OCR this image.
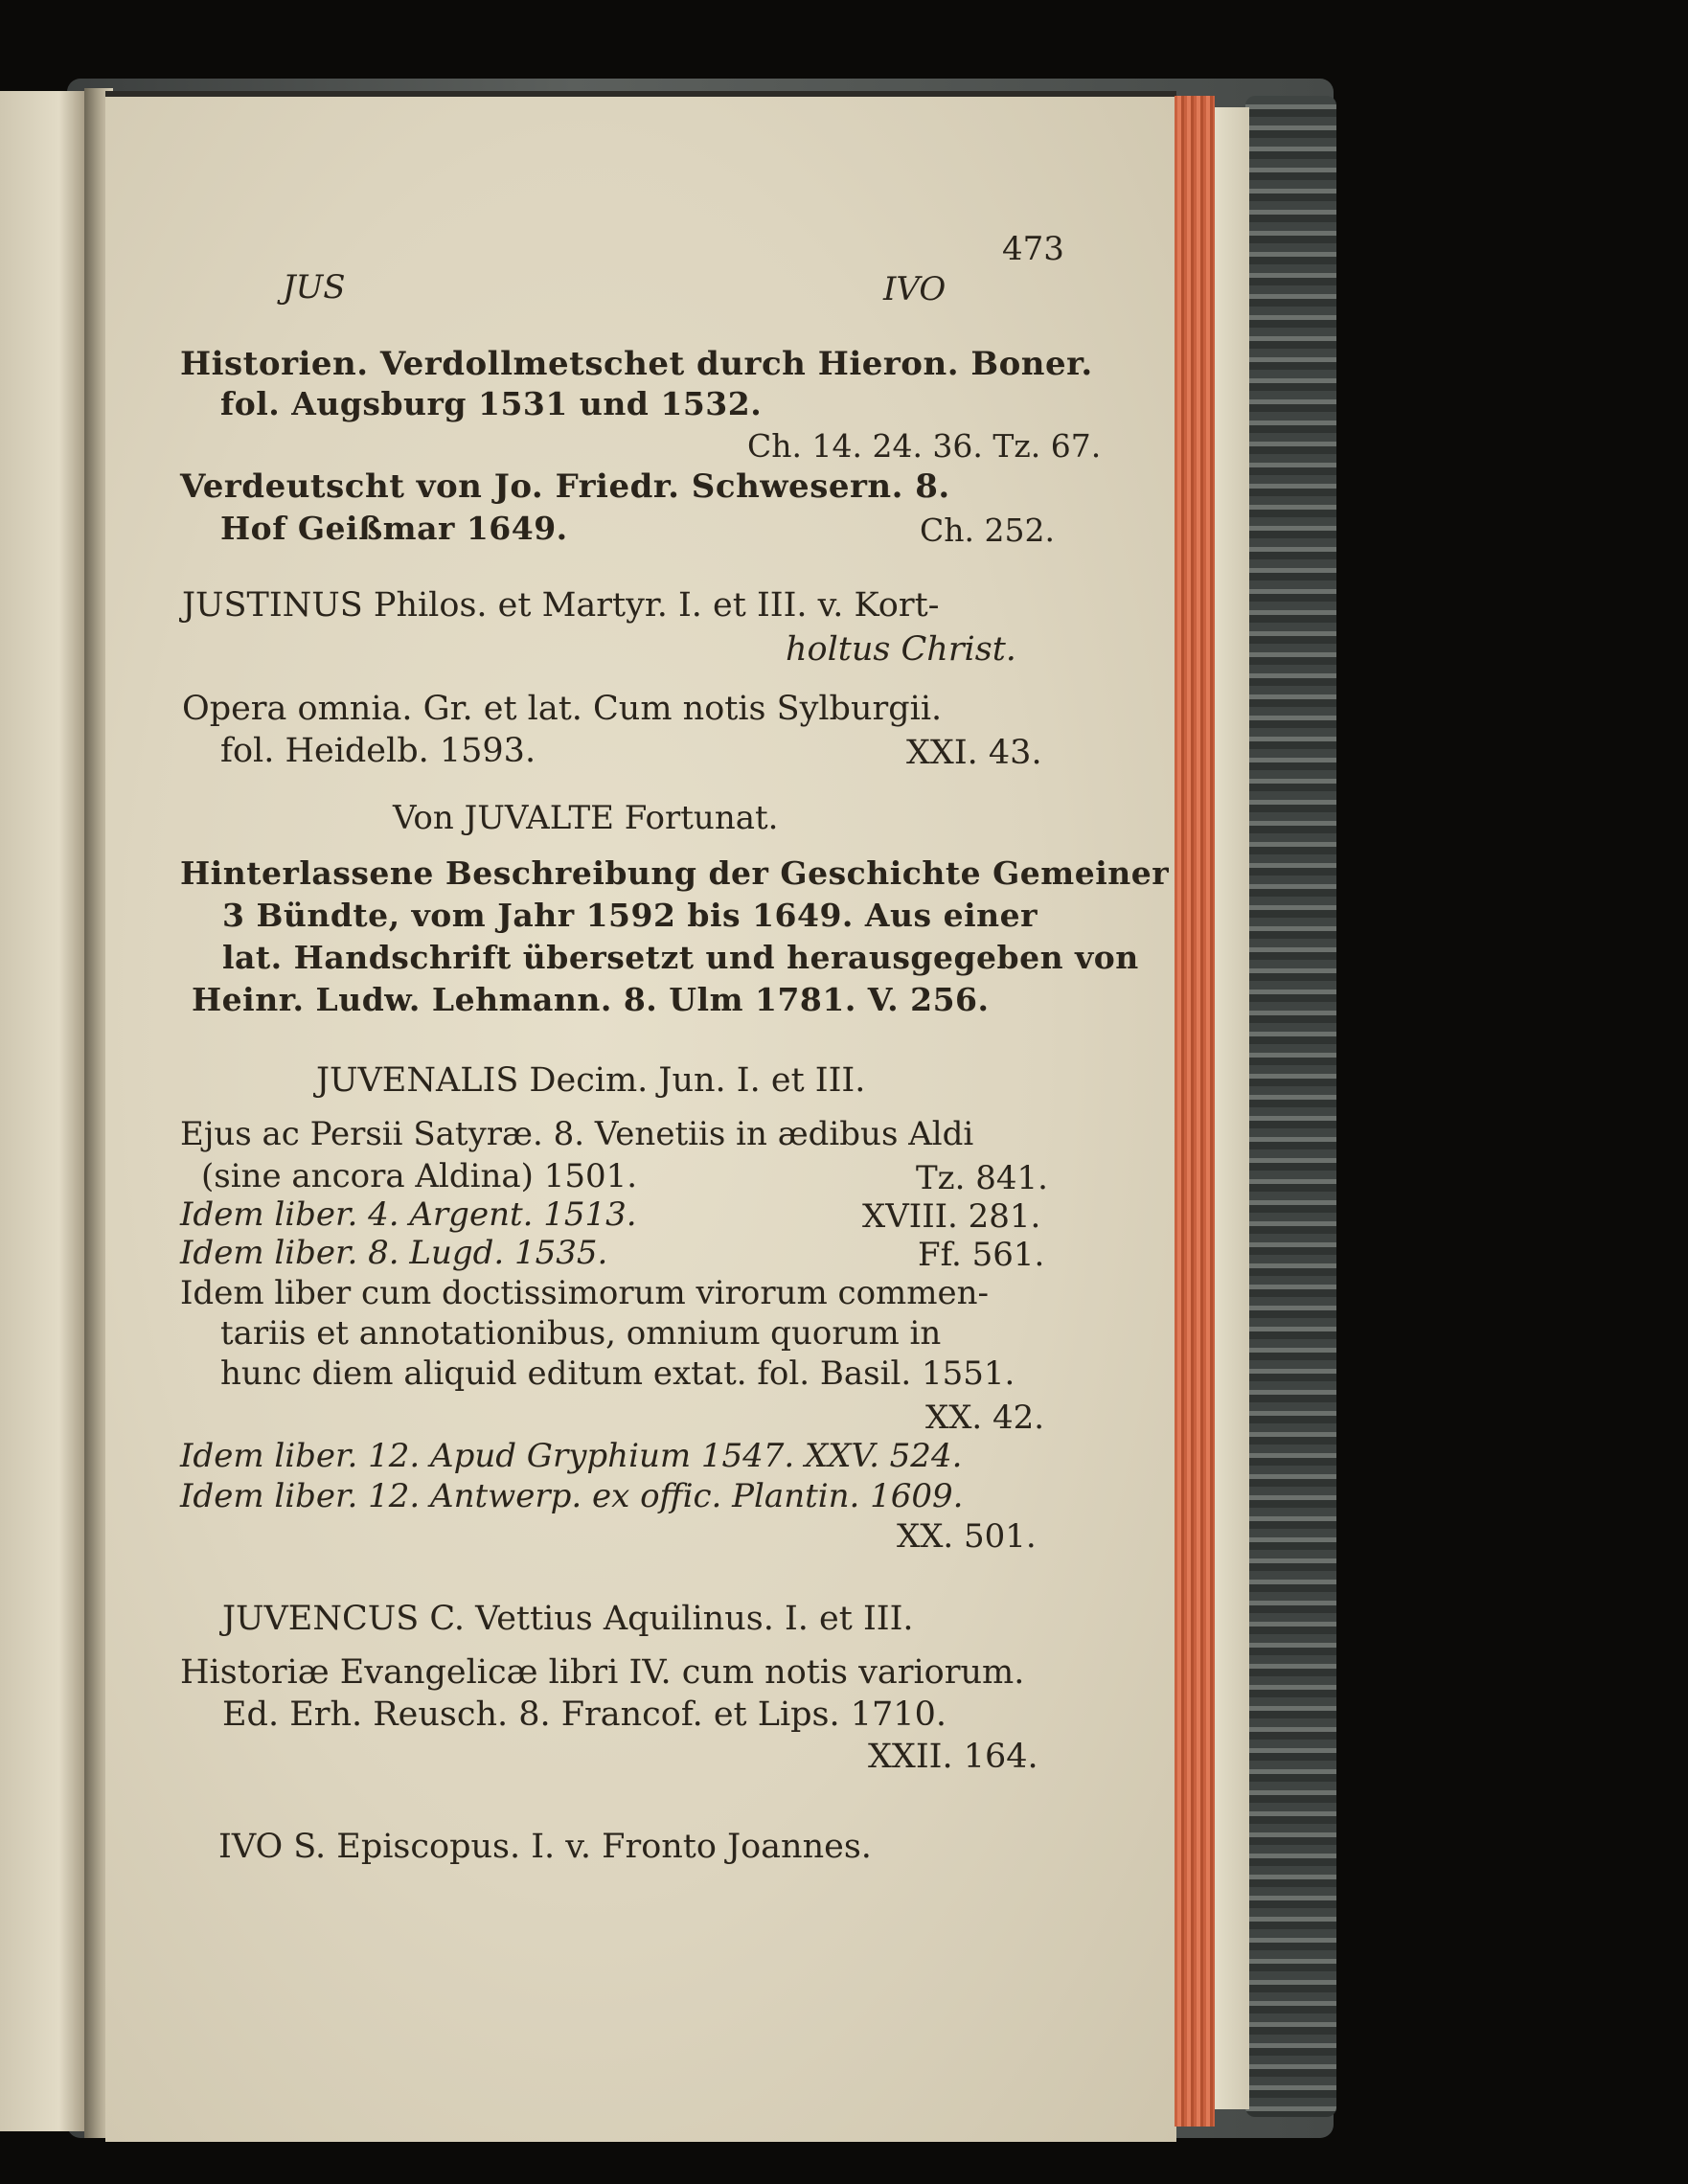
JUS	IVO
473
Historien. Verdollmetschet durch Hieron. Boner.
fol. Augsburg 1531 und 1532.
Ch. 14. 24. 36. Tz. 67.
Verdeutscht von Jo. Friedr. Schwesern. 8.
Hof Geißmar 1649.	Ch. 252.
JUSTINUS Philos. et Martyr. I. et III. v. Kort-
holtus Christ.
Opera omnia. Gr. et lat. Cum notis Sylburgii.
fol. Heidelb. 1593.	XXI. 43.
Von JUVALTE Fortunat.
Hinterlassene Beschreibung der Geschichte Gemeiner
3 Bündte, vom Jahr 1592 bis 1649. Aus einer
lat. Handschrift übersetzt und herausgegeben von
Heinr. Ludw. Lehmann. 8. Ulm 1781. V. 256.
JUVENALIS Decim. Jun. I. et III.
Ejus ac Persii Satyræ. 8. Venetiis in ædibus Aldi
(sine ancora Aldina) 1501.	Tz. 841.
Idem liber. 4. Argent. 1513.	XVIII. 281.
Idem liber. 8. Lugd. 1535.	Ff. 561.
Idem liber cum doctissimorum virorum commen-
tariis et annotationibus, omnium quorum in
hunc diem aliquid editum extat. fol. Basil. 1551.
XX. 42.
Idem liber. 12. Apud Gryphium 1547. XXV. 524.
Idem liber. 12. Antwerp. ex offic. Plantin. 1609.
XX. 501.
JUVENCUS C. Vettius Aquilinus. I. et III.
Historiæ Evangelicæ libri IV. cum notis variorum.
Ed. Erh. Reusch. 8. Francof. et Lips. 1710.
XXII. 164.
IVO S. Episcopus. I. v. Fronto Joannes.
